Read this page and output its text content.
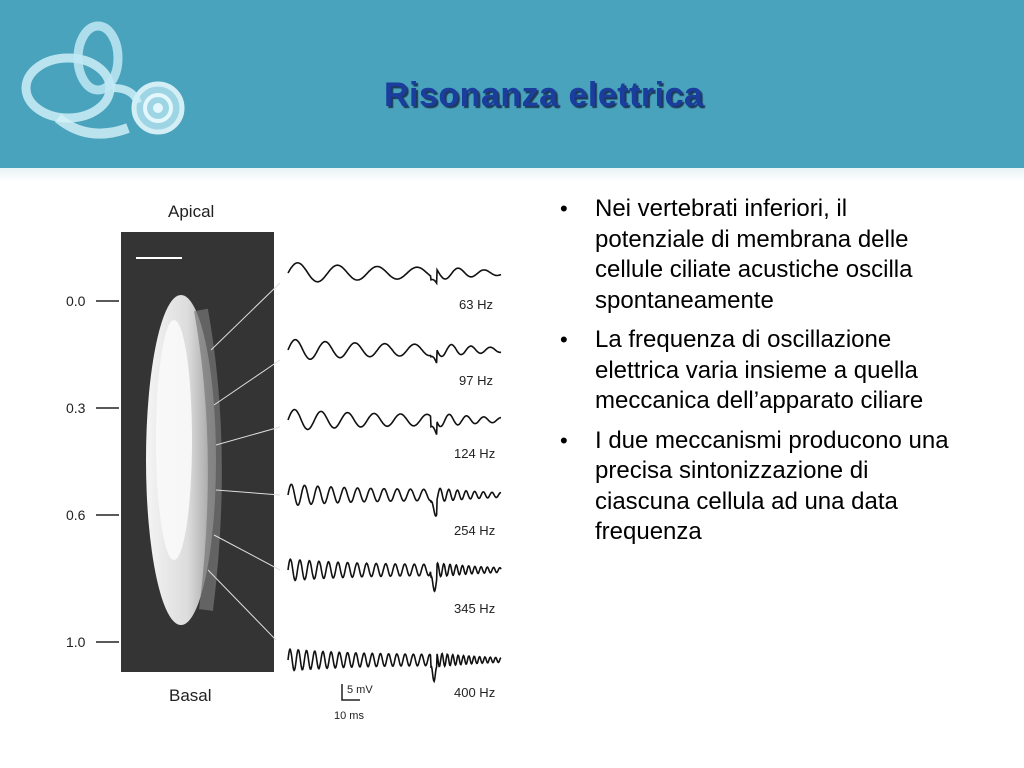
Risonanza elettrica
Apical
Basal
0.0
0.3
0.6
1.0
63 Hz
97 Hz
124 Hz
254 Hz
345 Hz
400 Hz
5 mV
10 ms
• Nei vertebrati inferiori, il potenziale di membrana delle cellule ciliate acustiche oscilla spontaneamente
• La frequenza di oscillazione elettrica varia insieme a quella meccanica dell’apparato ciliare
• I due meccanismi producono una precisa sintonizzazione di ciascuna cellula ad una data frequenza
